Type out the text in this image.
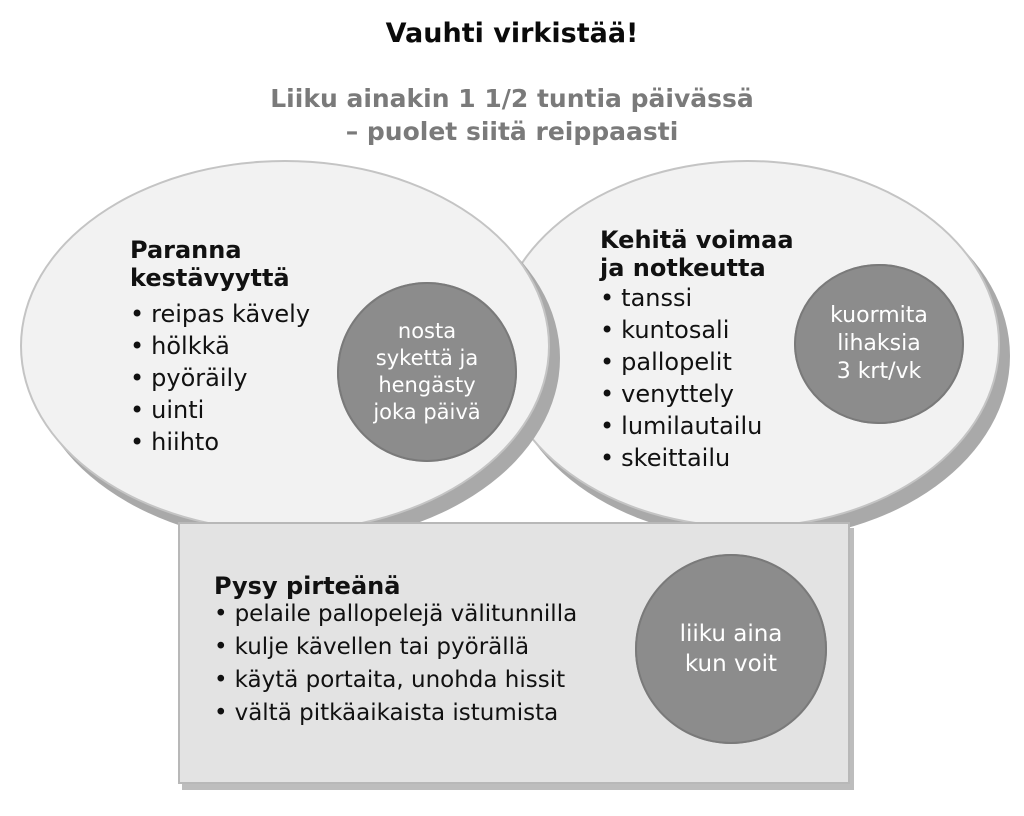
Vauhti virkistää!
Liiku ainakin 1 1/2 tuntia päivässä
– puolet siitä reippaasti
Paranna
kestävyyttä
• reipas kävely
• hölkkä
• pyöräily
• uinti
• hiihto
nosta
sykettä ja
hengästy
joka päivä
Kehitä voimaa
ja notkeutta
• tanssi
• kuntosali
• pallopelit
• venyttely
• lumilautailu
• skeittailu
kuormita
lihaksia
3 krt/vk
Pysy pirteänä
• pelaile pallopelejä välitunnilla
• kulje kävellen tai pyörällä
• käytä portaita, unohda hissit
• vältä pitkäaikaista istumista
liiku aina
kun voit
